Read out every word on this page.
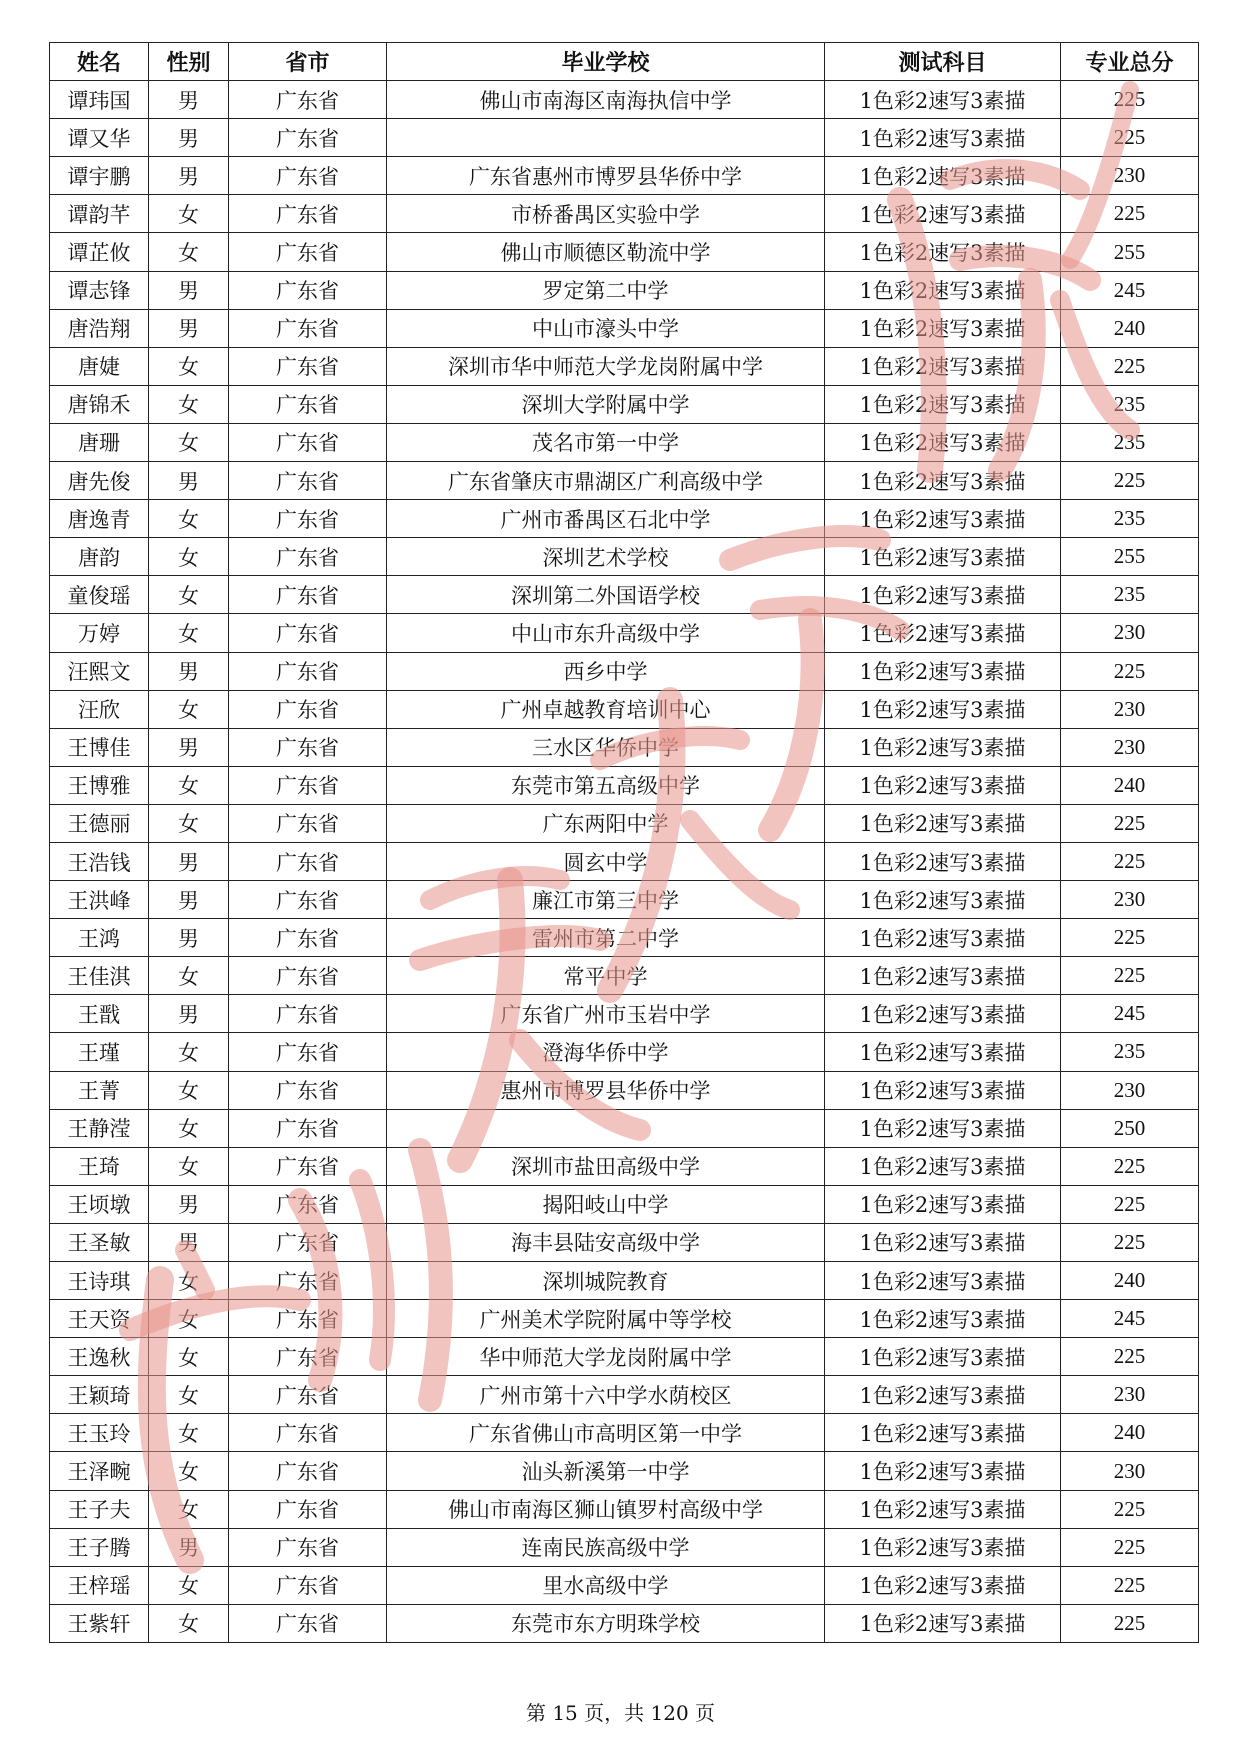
姓名	性别	省市	毕业学校	测试科目	专业总分
谭玮国	男	广东省	佛山市南海区南海执信中学	1色彩2速写3素描	225
谭又华	男	广东省		1色彩2速写3素描	225
谭宇鹏	男	广东省	广东省惠州市博罗县华侨中学	1色彩2速写3素描	230
谭韵芊	女	广东省	市桥番禺区实验中学	1色彩2速写3素描	225
谭芷攸	女	广东省	佛山市顺德区勒流中学	1色彩2速写3素描	255
谭志锋	男	广东省	罗定第二中学	1色彩2速写3素描	245
唐浩翔	男	广东省	中山市濠头中学	1色彩2速写3素描	240
唐婕	女	广东省	深圳市华中师范大学龙岗附属中学	1色彩2速写3素描	225
唐锦禾	女	广东省	深圳大学附属中学	1色彩2速写3素描	235
唐珊	女	广东省	茂名市第一中学	1色彩2速写3素描	235
唐先俊	男	广东省	广东省肇庆市鼎湖区广利高级中学	1色彩2速写3素描	225
唐逸青	女	广东省	广州市番禺区石北中学	1色彩2速写3素描	235
唐韵	女	广东省	深圳艺术学校	1色彩2速写3素描	255
童俊瑶	女	广东省	深圳第二外国语学校	1色彩2速写3素描	235
万婷	女	广东省	中山市东升高级中学	1色彩2速写3素描	230
汪熙文	男	广东省	西乡中学	1色彩2速写3素描	225
汪欣	女	广东省	广州卓越教育培训中心	1色彩2速写3素描	230
王博佳	男	广东省	三水区华侨中学	1色彩2速写3素描	230
王博雅	女	广东省	东莞市第五高级中学	1色彩2速写3素描	240
王德丽	女	广东省	广东两阳中学	1色彩2速写3素描	225
王浩钱	男	广东省	圆玄中学	1色彩2速写3素描	225
王洪峰	男	广东省	廉江市第三中学	1色彩2速写3素描	230
王鸿	男	广东省	雷州市第二中学	1色彩2速写3素描	225
王佳淇	女	广东省	常平中学	1色彩2速写3素描	225
王戬	男	广东省	广东省广州市玉岩中学	1色彩2速写3素描	245
王瑾	女	广东省	澄海华侨中学	1色彩2速写3素描	235
王菁	女	广东省	惠州市博罗县华侨中学	1色彩2速写3素描	230
王静滢	女	广东省		1色彩2速写3素描	250
王琦	女	广东省	深圳市盐田高级中学	1色彩2速写3素描	225
王顷墩	男	广东省	揭阳岐山中学	1色彩2速写3素描	225
王圣敏	男	广东省	海丰县陆安高级中学	1色彩2速写3素描	225
王诗琪	女	广东省	深圳城院教育	1色彩2速写3素描	240
王天资	女	广东省	广州美术学院附属中等学校	1色彩2速写3素描	245
王逸秋	女	广东省	华中师范大学龙岗附属中学	1色彩2速写3素描	225
王颖琦	女	广东省	广州市第十六中学水荫校区	1色彩2速写3素描	230
王玉玲	女	广东省	广东省佛山市高明区第一中学	1色彩2速写3素描	240
王泽畹	女	广东省	汕头新溪第一中学	1色彩2速写3素描	230
王子夫	女	广东省	佛山市南海区狮山镇罗村高级中学	1色彩2速写3素描	225
王子腾	男	广东省	连南民族高级中学	1色彩2速写3素描	225
王梓瑶	女	广东省	里水高级中学	1色彩2速写3素描	225
王紫轩	女	广东省	东莞市东方明珠学校	1色彩2速写3素描	225
第 15 页，共 120 页
